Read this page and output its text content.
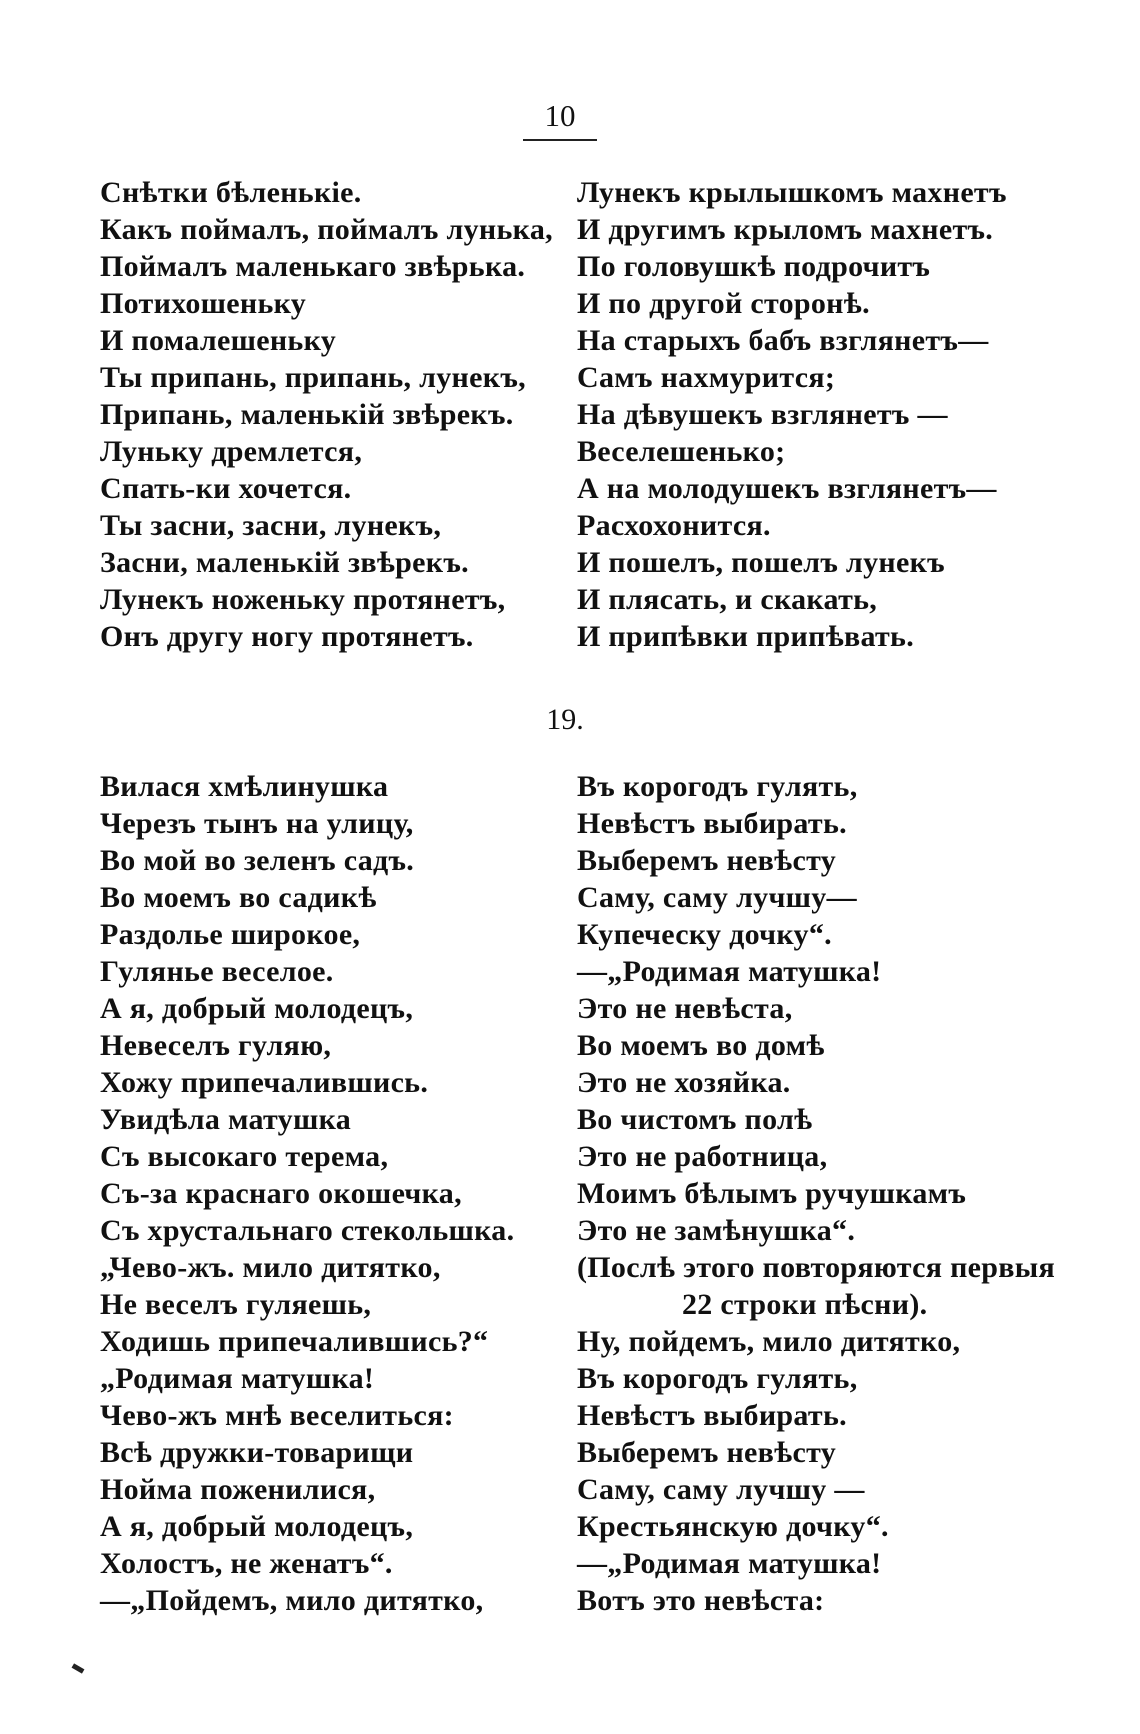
10
Снѣтки бѣленькіе.
Какъ поймалъ, поймалъ лунька,
Поймалъ маленькаго звѣрька.
Потихошеньку
И помалешеньку
Ты припань, припань, лунекъ,
Припань, маленькій звѣрекъ.
Луньку дремлется,
Спать-ки хочется.
Ты засни, засни, лунекъ,
Засни, маленькій звѣрекъ.
Лунекъ ноженьку протянетъ,
Онъ другу ногу протянетъ.
Лунекъ крылышкомъ махнетъ
И другимъ крыломъ махнетъ.
По головушкѣ подрочитъ
И по другой сторонѣ.
На старыхъ бабъ взглянетъ—
Самъ нахмурится;
На дѣвушекъ взглянетъ —
Веселешенько;
А на молодушекъ взглянетъ—
Расхохонится.
И пошелъ, пошелъ лунекъ
И плясать, и скакать,
И припѣвки припѣвать.
19.
Вилася хмѣлинушка
Черезъ тынъ на улицу,
Во мой во зеленъ садъ.
Во моемъ во садикѣ
Раздолье широкое,
Гулянье веселое.
А я, добрый молодецъ,
Невеселъ гуляю,
Хожу припечалившись.
Увидѣла матушка
Съ высокаго терема,
Съ-за краснаго окошечка,
Съ хрустальнаго стекольшка.
„Чево-жъ. мило дитятко,
Не веселъ гуляешь,
Ходишь припечалившись?“
„Родимая матушка!
Чево-жъ мнѣ веселиться:
Всѣ дружки-товарищи
Нойма поженилися,
А я, добрый молодецъ,
Холостъ, не женатъ“.
—„Пойдемъ, мило дитятко,
Въ корогодъ гулять,
Невѣстъ выбирать.
Выберемъ невѣсту
Саму, саму лучшу—
Купеческу дочку“.
—„Родимая матушка!
Это не невѣста,
Во моемъ во домѣ
Это не хозяйка.
Во чистомъ полѣ
Это не работница,
Моимъ бѣлымъ ручушкамъ
Это не замѣнушка“.
(Послѣ этого повторяются первыя
22 строки пѣсни).
Ну, пойдемъ, мило дитятко,
Въ корогодъ гулять,
Невѣстъ выбирать.
Выберемъ невѣсту
Саму, саму лучшу —
Крестьянскую дочку“.
—„Родимая матушка!
Вотъ это невѣста:
